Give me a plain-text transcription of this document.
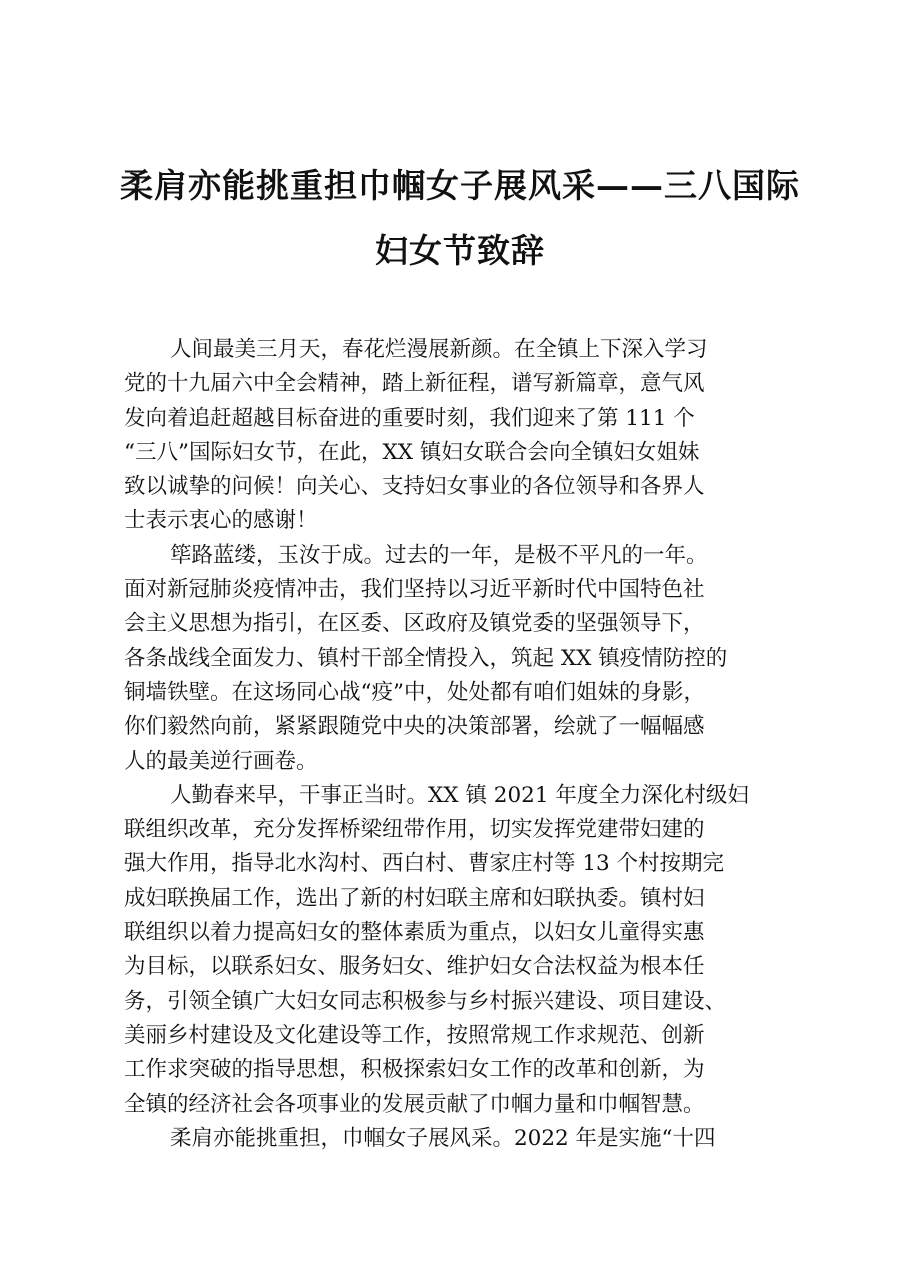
柔肩亦能挑重担巾帼女子展风采——三八国际
妇女节致辞
人间最美三月天，春花烂漫展新颜。在全镇上下深入学习
党的十九届六中全会精神，踏上新征程，谱写新篇章，意气风
发向着追赶超越目标奋进的重要时刻，我们迎来了第 111 个
“三八”国际妇女节，在此，XX 镇妇女联合会向全镇妇女姐妹
致以诚挚的问候！向关心、支持妇女事业的各位领导和各界人
士表示衷心的感谢！
筚路蓝缕，玉汝于成。过去的一年，是极不平凡的一年。
面对新冠肺炎疫情冲击，我们坚持以习近平新时代中国特色社
会主义思想为指引，在区委、区政府及镇党委的坚强领导下，
各条战线全面发力、镇村干部全情投入，筑起 XX 镇疫情防控的
铜墙铁壁。在这场同心战“疫”中，处处都有咱们姐妹的身影，
你们毅然向前，紧紧跟随党中央的决策部署，绘就了一幅幅感
人的最美逆行画卷。
人勤春来早，干事正当时。XX 镇 2021 年度全力深化村级妇
联组织改革，充分发挥桥梁纽带作用，切实发挥党建带妇建的
强大作用，指导北水沟村、西白村、曹家庄村等 13 个村按期完
成妇联换届工作，选出了新的村妇联主席和妇联执委。镇村妇
联组织以着力提高妇女的整体素质为重点，以妇女儿童得实惠
为目标，以联系妇女、服务妇女、维护妇女合法权益为根本任
务，引领全镇广大妇女同志积极参与乡村振兴建设、项目建设、
美丽乡村建设及文化建设等工作，按照常规工作求规范、创新
工作求突破的指导思想，积极探索妇女工作的改革和创新，为
全镇的经济社会各项事业的发展贡献了巾帼力量和巾帼智慧。
柔肩亦能挑重担，巾帼女子展风采。2022 年是实施“十四
